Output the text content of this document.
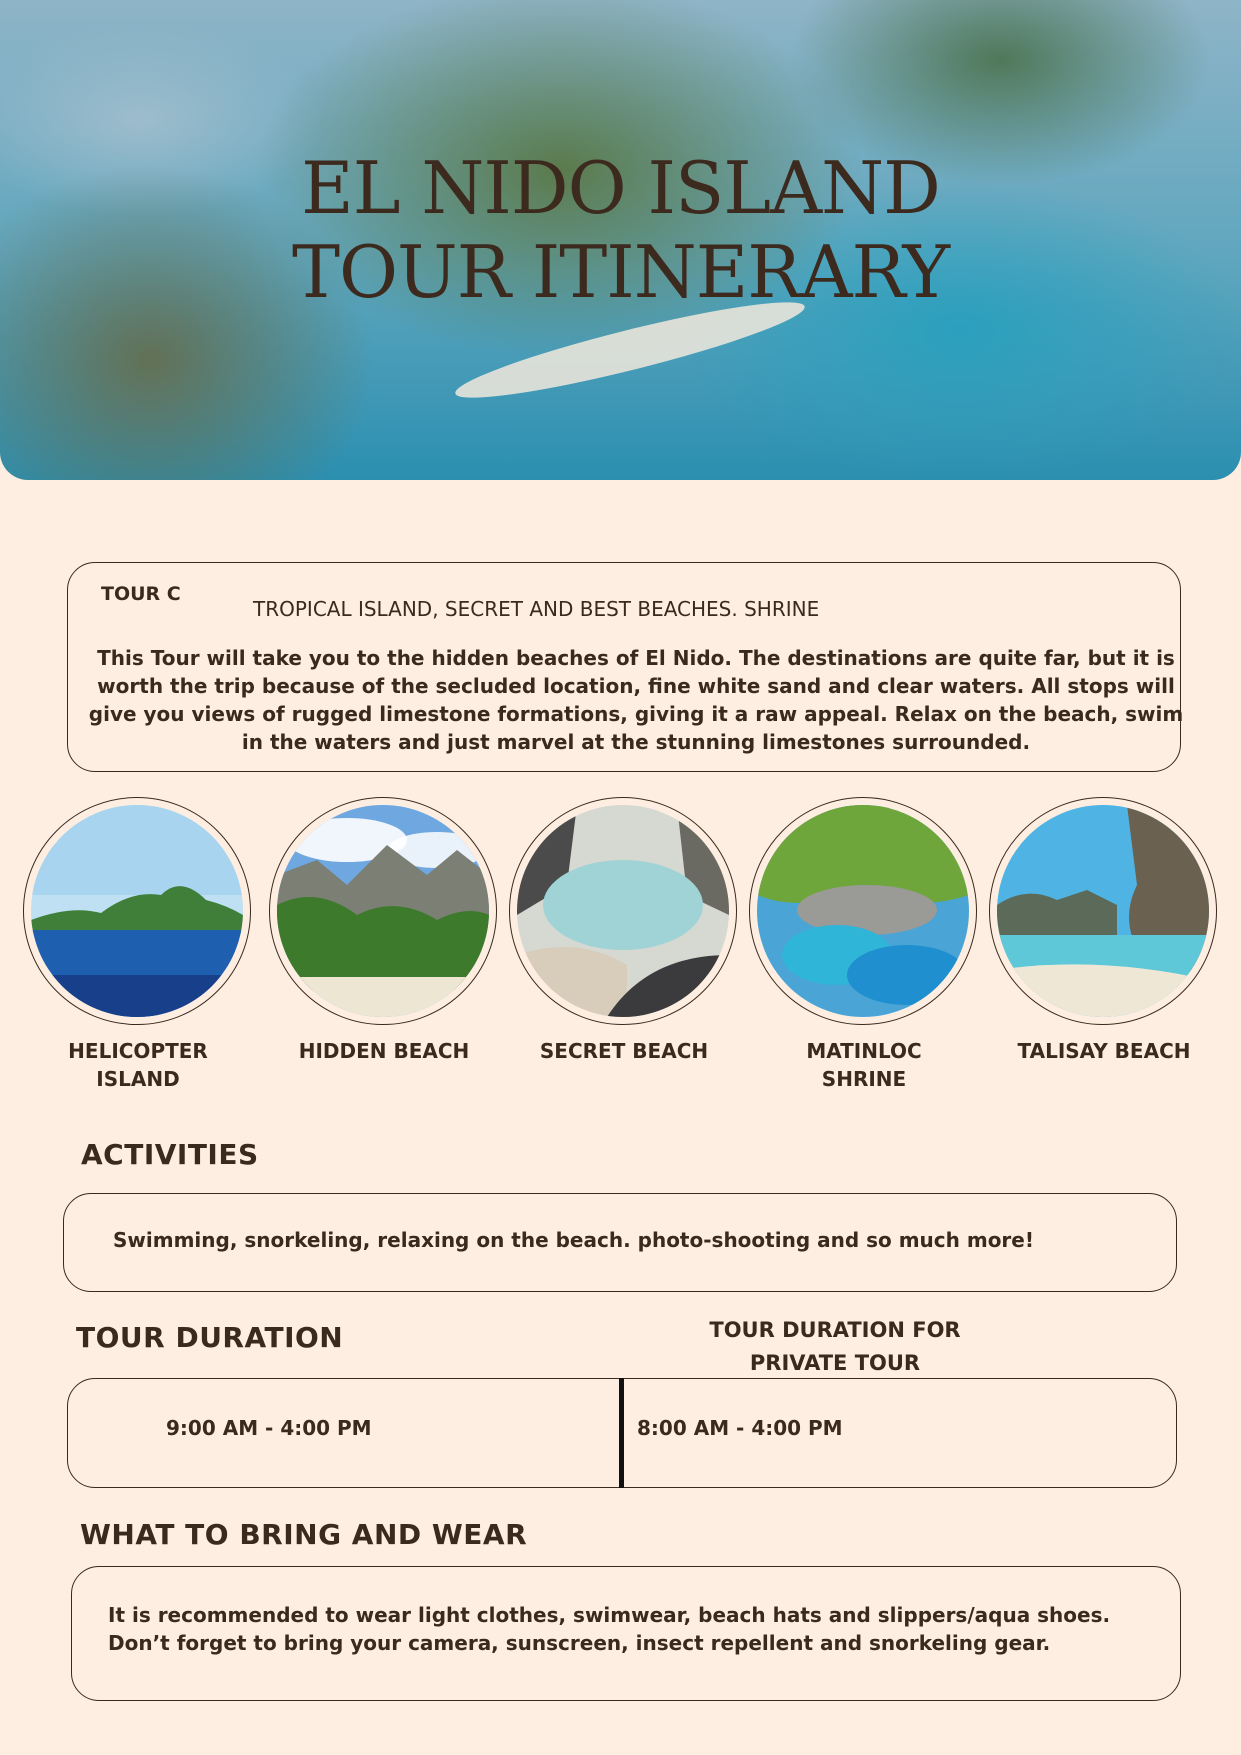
EL NIDO ISLAND
TOUR ITINERARY
TOUR C
TROPICAL ISLAND, SECRET AND BEST BEACHES. SHRINE
This Tour will take you to the hidden beaches of El Nido. The destinations are quite far, but it is worth the trip because of the secluded location, fine white sand and clear waters. All stops will give you views of rugged limestone formations, giving it a raw appeal. Relax on the beach, swim in the waters and just marvel at the stunning limestones surrounded.
HELICOPTER
ISLAND
HIDDEN BEACH	SECRET BEACH	MATINLOC
SHRINE
TALISAY BEACH
ACTIVITIES
Swimming, snorkeling, relaxing on the beach. photo-shooting and so much more!
TOUR DURATION	TOUR DURATION FOR
PRIVATE TOUR
9:00 AM - 4:00 PM	8:00 AM - 4:00 PM
WHAT TO BRING AND WEAR
It is recommended to wear light clothes, swimwear, beach hats and slippers/aqua shoes. Don’t forget to bring your camera, sunscreen, insect repellent and snorkeling gear.
